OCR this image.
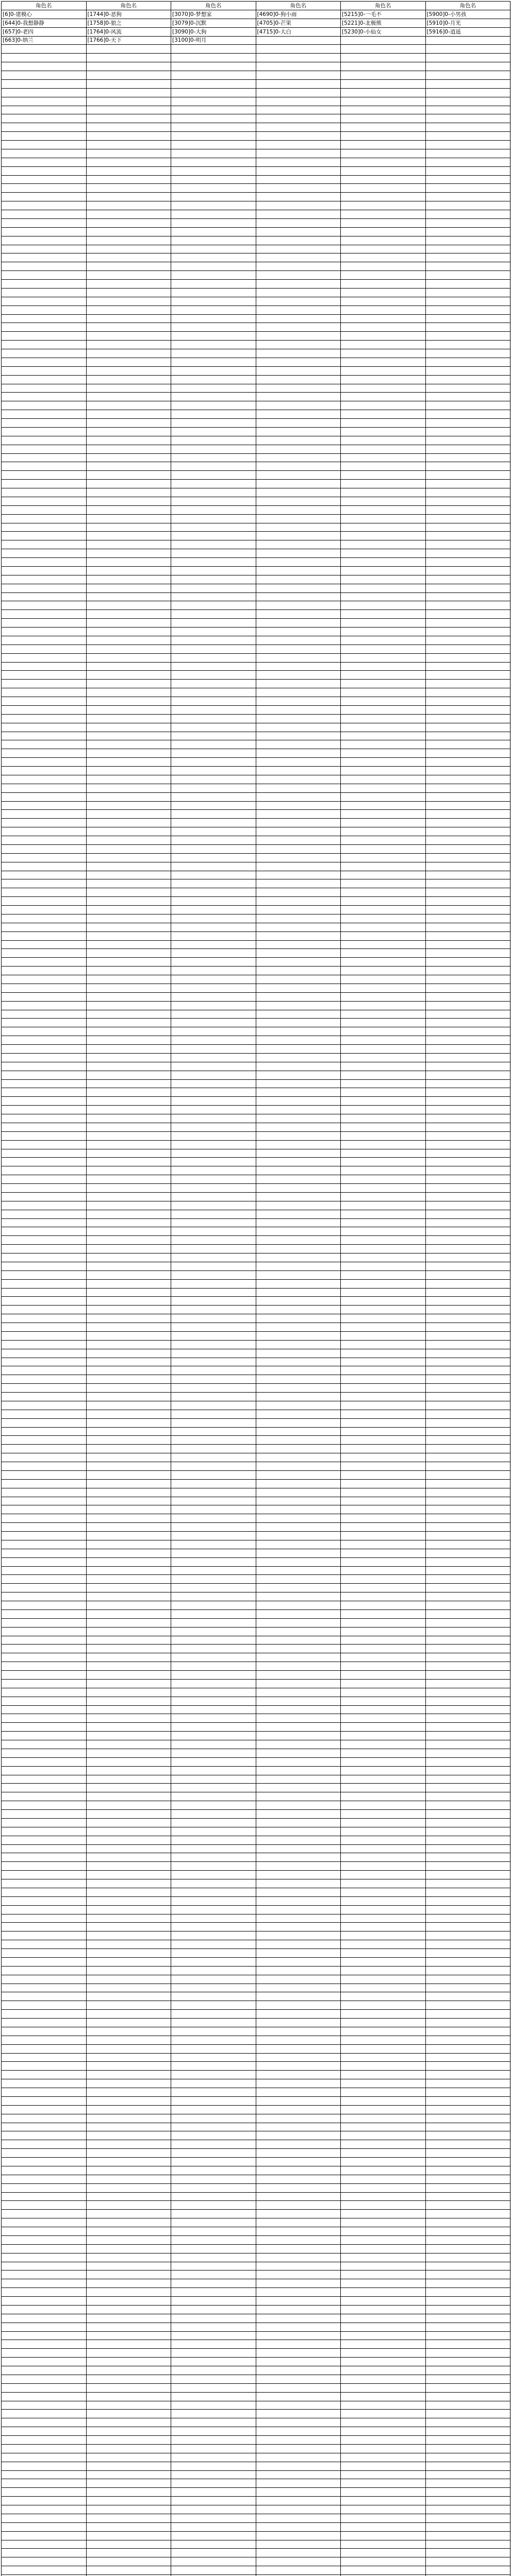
角色名	角色名	角色名	角色名	角色名	角色名
[6]0-建模心	[1744]0-恶狗	[3070]0-梦想家	[4690]0-狗小雨	[5215]0-一毛不	[5900]0-小男孩
[644]0-我想静静	[1758]0-狼之	[3079]0-沉默	[4705]0-芒果	[5221]0-北极熊	[5910]0-月光
[657]0-老四	[1764]0-风流	[3090]0-大狗	[4715]0-大白	[5230]0-小仙女	[5916]0-逍遥
[663]0-纳兰	[1766]0-天下	[3100]0-明月			
